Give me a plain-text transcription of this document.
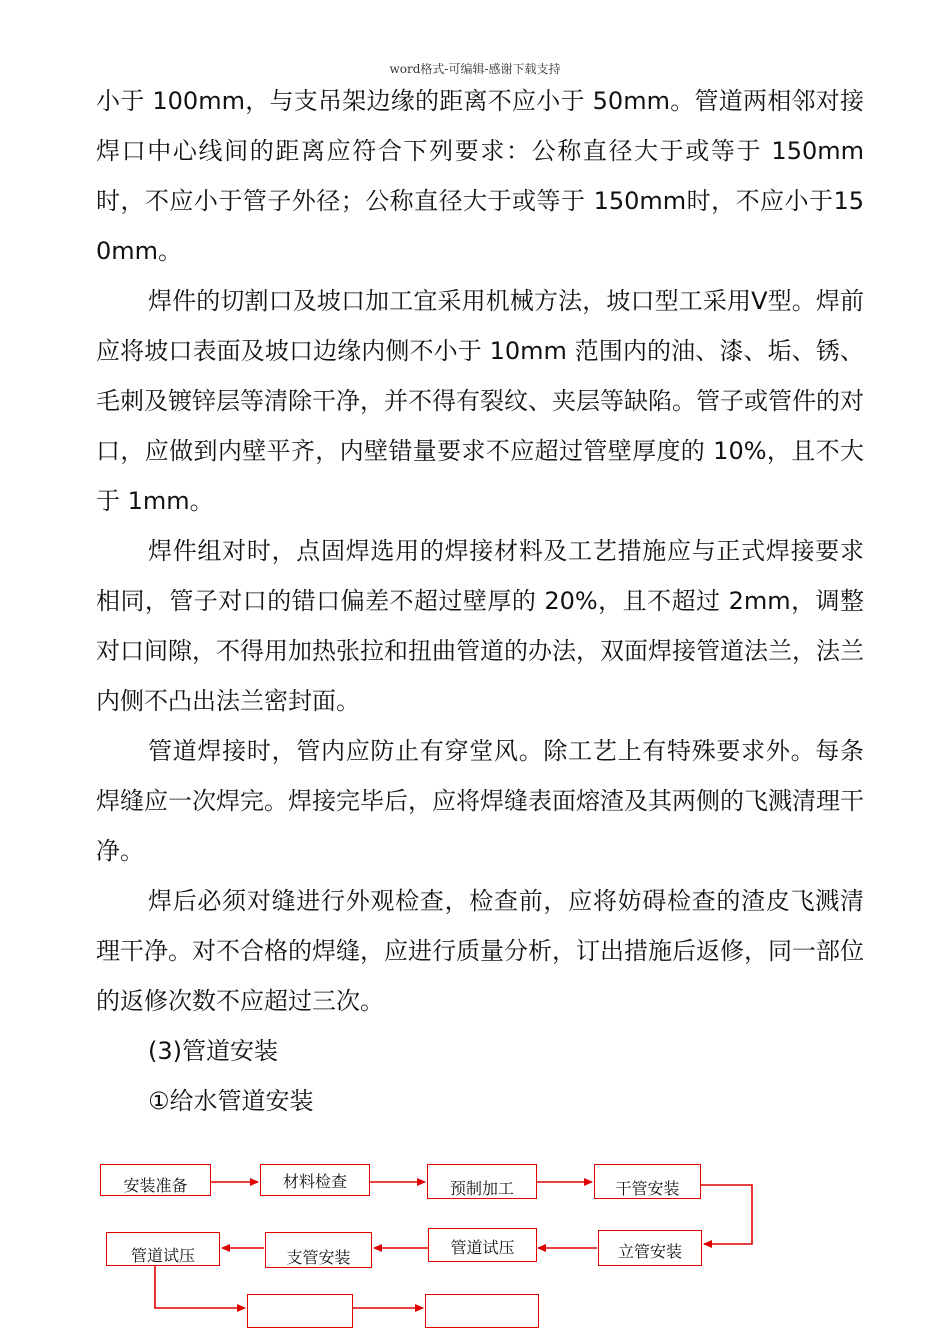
word格式-可编辑-感谢下载支持

小于 100mm，与支吊架边缘的距离不应小于 50mm。管道两相邻对接焊口中心线间的距离应符合下列要求：公称直径大于或等于 150mm时，不应小于管子外径；公称直径大于或等于 150mm时，不应小于150mm。

焊件的切割口及坡口加工宜采用机械方法，坡口型工采用V型。焊前应将坡口表面及坡口边缘内侧不小于 10mm 范围内的油、漆、垢、锈、毛刺及镀锌层等清除干净，并不得有裂纹、夹层等缺陷。管子或管件的对口，应做到内壁平齐，内壁错量要求不应超过管壁厚度的 10%，且不大于 1mm。

焊件组对时，点固焊选用的焊接材料及工艺措施应与正式焊接要求相同，管子对口的错口偏差不超过壁厚的 20%，且不超过 2mm，调整对口间隙，不得用加热张拉和扭曲管道的办法，双面焊接管道法兰，法兰内侧不凸出法兰密封面。

管道焊接时，管内应防止有穿堂风。除工艺上有特殊要求外。每条焊缝应一次焊完。焊接完毕后，应将焊缝表面熔渣及其两侧的飞溅清理干净。

焊后必须对缝进行外观检查，检查前，应将妨碍检查的渣皮飞溅清理干净。对不合格的焊缝，应进行质量分析，订出措施后返修，同一部位的返修次数不应超过三次。

(3)管道安装

①给水管道安装

安装准备	材料检查	预制加工	干管安装
管道试压	支管安装
管道试压	立管安装
